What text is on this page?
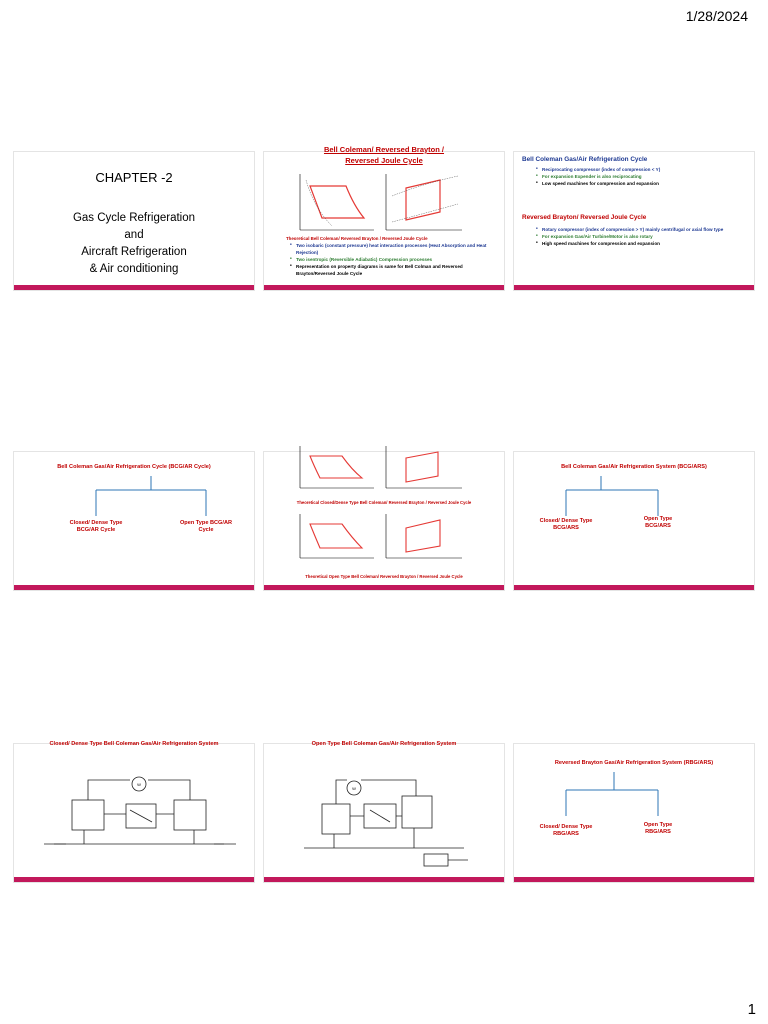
1/28/2024
CHAPTER -2
Gas Cycle Refrigeration
and
Aircraft Refrigeration
& Air conditioning
Bell Coleman/ Reversed Brayton /
Reversed Joule Cycle
Theoretical Bell Coleman/ Reversed Brayton / Reversed Joule Cycle
• Two isobaric (constant pressure) heat interaction processes (Heat Absorption and Heat Rejection)
• Two isentropic (Reversible Adiabatic) Compression processes
• Representation on property diagrams is same for Bell Colman and Reversed Brayton/Reversed Joule Cycle
Bell Coleman Gas/Air Refrigeration Cycle
• Reciprocating compressor (index of compression < Y)
• For expansion Expender is also reciprocating
• Low speed machines for compression and expansion
Reversed Brayton/ Reversed Joule Cycle
• Rotary compressor (index of compression > Y) mainly centrifugal or axial flow type
• For expansion Gas/Air Turbine/Motor is also rotary
• High speed machines for compression and expansion
Bell Coleman Gas/Air Refrigeration Cycle (BCG/AR Cycle)
Closed/ Dense Type BCG/AR Cycle
Open Type BCG/AR Cycle
Theoretical Closed/Dense Type Bell Coleman/ Reversed Brayton / Reversed Joule Cycle
Theoretical Open Type Bell Coleman/ Reversed Brayton / Reversed Joule Cycle
Bell Coleman Gas/Air Refrigeration System (BCG/ARS)
Closed/ Dense Type BCG/ARS
Open Type BCG/ARS
Closed/ Dense Type Bell Coleman Gas/Air Refrigeration System
W
Open Type Bell Coleman Gas/Air Refrigeration System
W
Reversed Brayton Gas/Air Refrigeration System (RBG/ARS)
Closed/ Dense Type RBG/ARS
Open Type RBG/ARS
1
